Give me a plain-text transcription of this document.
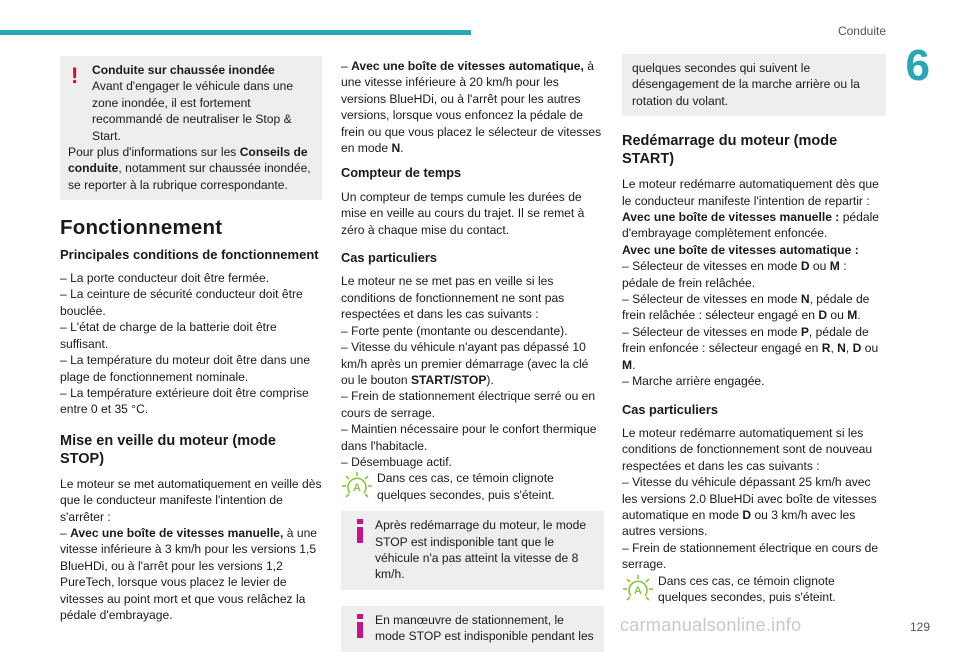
Conduite
6
129
carmanualsonline.info
!	Conduite sur chaussée inondée

Avant d'engager le véhicule dans une zone inondée, il est fortement recommandé de neutraliser le Stop & Start.

Pour plus d'informations sur les Conseils de conduite, notamment sur chaussée inondée, se reporter à la rubrique correspondante.

Fonctionnement
Principales conditions de fonctionnement

– La porte conducteur doit être fermée.

– La ceinture de sécurité conducteur doit être bouclée.

– L'état de charge de la batterie doit être suffisant.

– La température du moteur doit être dans une plage de fonctionnement nominale.

– La température extérieure doit être comprise entre 0 et 35 °C.

Mise en veille du moteur (mode STOP)

Le moteur se met automatiquement en veille dès que le conducteur manifeste l'intention de s'arrêter :

– Avec une boîte de vitesses manuelle, à une vitesse inférieure à 3 km/h pour les versions 1,5 BlueHDi, ou à l'arrêt pour les versions 1,2 PureTech, lorsque vous placez le levier de vitesses au point mort et que vous relâchez la pédale d'embrayage.

– Avec une boîte de vitesses automatique, à une vitesse inférieure à 20 km/h pour les versions BlueHDi, ou à l'arrêt pour les autres versions, lorsque vous enfoncez la pédale de frein ou que vous placez le sélecteur de vitesses en mode N.

Compteur de temps

Un compteur de temps cumule les durées de mise en veille au cours du trajet. Il se remet à zéro à chaque mise du contact.

Cas particuliers

Le moteur ne se met pas en veille si les conditions de fonctionnement ne sont pas respectées et dans les cas suivants :

– Forte pente (montante ou descendante).

– Vitesse du véhicule n'ayant pas dépassé 10 km/h après un premier démarrage (avec la clé ou le bouton START/STOP).

– Frein de stationnement électrique serré ou en cours de serrage.

– Maintien nécessaire pour le confort thermique dans l'habitacle.

– Désembuage actif.

A
Dans ces cas, ce témoin clignote quelques secondes, puis s'éteint.

Après redémarrage du moteur, le mode STOP est indisponible tant que le véhicule n'a pas atteint la vitesse de 8 km/h.

En manœuvre de stationnement, le mode STOP est indisponible pendant les

quelques secondes qui suivent le désengagement de la marche arrière ou la rotation du volant.

Redémarrage du moteur (mode START)

Le moteur redémarre automatiquement dès que le conducteur manifeste l'intention de repartir :

Avec une boîte de vitesses manuelle : pédale d'embrayage complètement enfoncée.

Avec une boîte de vitesses automatique :

– Sélecteur de vitesses en mode D ou M : pédale de frein relâchée.

– Sélecteur de vitesses en mode N, pédale de frein relâchée : sélecteur engagé en D ou M.

– Sélecteur de vitesses en mode P, pédale de frein enfoncée : sélecteur engagé en R, N, D ou M.

– Marche arrière engagée.

Cas particuliers

Le moteur redémarre automatiquement si les conditions de fonctionnement sont de nouveau respectées et dans les cas suivants :

– Vitesse du véhicule dépassant 25 km/h avec les versions 2.0 BlueHDi avec boîte de vitesses automatique en mode D ou 3 km/h avec les autres versions.

– Frein de stationnement électrique en cours de serrage.

A
Dans ces cas, ce témoin clignote quelques secondes, puis s'éteint.
